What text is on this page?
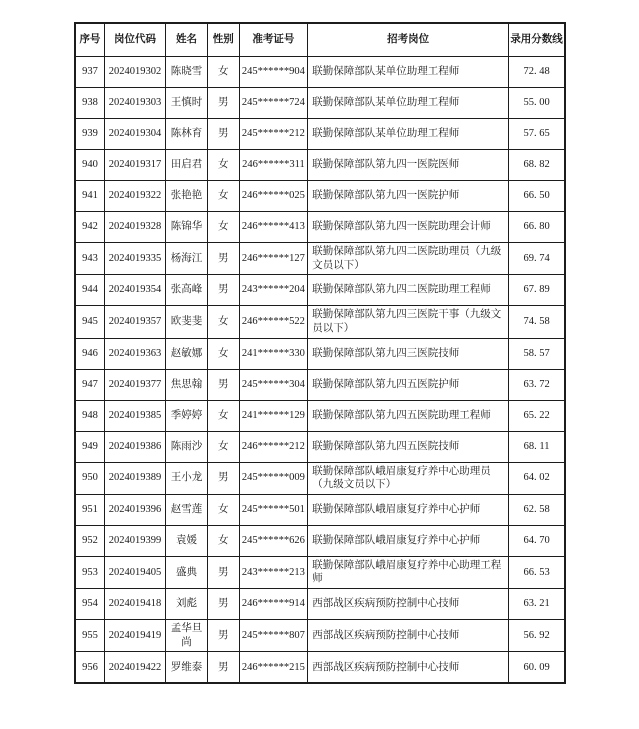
序号	岗位代码	姓名	性别	准考证号	招考岗位	录用分数线
937	2024019302	陈晓雪	女	245******904	联勤保障部队某单位助理工程师	72. 48
938	2024019303	王慎时	男	245******724	联勤保障部队某单位助理工程师	55. 00
939	2024019304	陈林育	男	245******212	联勤保障部队某单位助理工程师	57. 65
940	2024019317	田启君	女	246******311	联勤保障部队第九四一医院医师	68. 82
941	2024019322	张艳艳	女	246******025	联勤保障部队第九四一医院护师	66. 50
942	2024019328	陈锦华	女	246******413	联勤保障部队第九四一医院助理会计师	66. 80
943	2024019335	杨海江	男	246******127	联勤保障部队第九四二医院助理员（九级文员以下）	69. 74
944	2024019354	张高峰	男	243******204	联勤保障部队第九四二医院助理工程师	67. 89
945	2024019357	欧斐斐	女	246******522	联勤保障部队第九四三医院干事（九级文员以下）	74. 58
946	2024019363	赵敏娜	女	241******330	联勤保障部队第九四三医院技师	58. 57
947	2024019377	焦思翰	男	245******304	联勤保障部队第九四五医院护师	63. 72
948	2024019385	季婷婷	女	241******129	联勤保障部队第九四五医院助理工程师	65. 22
949	2024019386	陈雨沙	女	246******212	联勤保障部队第九四五医院技师	68. 11
950	2024019389	王小龙	男	245******009	联勤保障部队峨眉康复疗养中心助理员（九级文员以下）	64. 02
951	2024019396	赵雪莲	女	245******501	联勤保障部队峨眉康复疗养中心护师	62. 58
952	2024019399	袁媛	女	245******626	联勤保障部队峨眉康复疗养中心护师	64. 70
953	2024019405	盛典	男	243******213	联勤保障部队峨眉康复疗养中心助理工程师	66. 53
954	2024019418	刘彪	男	246******914	西部战区疾病预防控制中心技师	63. 21
955	2024019419	孟华旦尚	男	245******807	西部战区疾病预防控制中心技师	56. 92
956	2024019422	罗维泰	男	246******215	西部战区疾病预防控制中心技师	60. 09
